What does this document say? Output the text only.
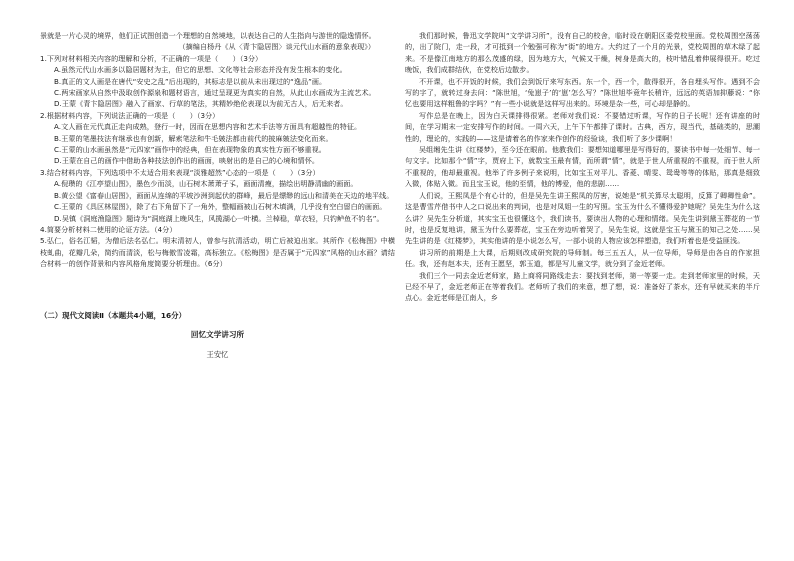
景就是一片心灵的境界，他们正试图创造一个理想的自然境地，以表达自己的人生指向与游世的隐逸情怀。

（摘编自杨丹《从〈青卞隐居图〉谈元代山水画的意象表现》）

1.下列对材料相关内容的理解和分析，不正确的一项是（　　）（3分）

A.虽然元代山水画多以隐居题材为主，但它的思想、文化等社会形态并没有发生根本的变化。

B.真正的文人画是在唐代“安史之乱”后出现的，其标志是以前从未出现过的“逸品”画。

C.两宋画家从自然中汲取创作源泉和题材语言，通过呈现更为真实的自然，从此山水画成为主流艺术。

D.王蒙《青卞隐居图》融入了画家、行草的笔法，其精妙绝伦表现以为前无古人，后无来者。

2.根据材料内容，下列说法正确的一项是（　　）（3分）

A.文人画在元代真正走向成熟，登行一时，因而在思想内容和艺术手法等方面具有超越性的特征。

B.王蒙的笔墨技法有继承也有创新，解索笔法和牛毛皴法都由前代的披麻皴法变化而来。

C.王蒙的山水画虽然是“元四家”画作中的经典，但在表现物象的真实性方面不够重视。

D.王蒙在自己的画作中借助各种技法创作出的画面，映射出的是自己的心境和情怀。

3.结合材料内容，下列选项中不太适合用来表现“淡雅超然”心态的一项是（　　）（3分）

A.倪瓒的《江亭望山图》，墨色少而淡，山石树木萧萧孑孓，画面清瘦，描绘出明静清幽的画面。

B.黄公望《富春山居图》，画面从连绵的平坡沙洲到起伏的群峰，最后是缥缈的远山和清美在天边的地平线。

C.王蒙的《具区林屋图》，除了右下角留下了一角外，整幅画被山石树木填满，几乎没有空白留白的画面。

D.吴镇《洞庭渔隐图》题诗为“洞庭湖上晚风生，风揽湖心一叶横。兰棹稳，草衣轻，只钓鲈鱼不钓名”。

4.简要分析材料二使用的论证方法。（4分）

5.弘仁，俗名江韬，为僧后法名弘仁。明末清初人，曾参与抗清活动，明亡后被迫出家。其所作《松梅图》中横枝虬曲，花瓣几朵，简约而清淡，松与梅傲雪凌霜，高标独立。《松梅图》是否属于“元四家”风格的山水画？请结合材料一的创作背景和内容风格角度简要分析理由。（6分）

（二）现代文阅读Ⅱ（本题共4小题，16分）

回忆文学讲习所

王安忆

我们那时候，鲁迅文学院叫“文学讲习所”，没有自己的校舍，临时设在朝阳区委党校里面。党校周围空荡荡的，出了院门，走一段，才可抵到一个勉强可称为“街”的地方。大约过了一个月的光景，党校周围的草木绿了起来。不是像江南地方的那么茂盛的绿，因为地方大，气候又干燥，树身是高大的，枝叶错乱着伸展得很开。吃过晚饭，我们成群结伙，在党校后边散步。

不开课，也不开饭的时候，我们会到饭厅来写东西。东一个，西一个，散得很开，各自埋头写作。遇到不会写的字了，就转过身去问：“陈世旭，‘兔崽子’的‘崽’怎么写？”陈世旭毕竟年长稍许，远远的英语加抑藤说：“你忆也要用这样粗鲁的字吗？”有一些小说就是这样写出来的。环境是杂一些，可心却是静的。

写作总是在晚上，因为白天课排得很紧。老师对我们说：不要错过听课，写作的日子长呢！还有讲座的时间，在学习期末一定安排写作的时间。一周六天，上午下午都排了课时。古典，西方，现当代，基础类的，思潮性的，理论的，实践的——这是请着名的作家来作创作的经验谈，我们听了多少课啊！

吴组缃先生讲《红楼梦》，至今还在眼前。他教我们：要想知道哪里是写得好的，要读书中每一处细节、每一句文字。比如那个“情”字，贾府上下，就数宝玉最有情，而所谓“情”，就是于世人所重视的不重视，而于世人所不重视的，他却最重视。他举了许多例子来说明，比如宝玉对平儿、香菱、晴雯、鸳鸯等等的体贴，那真是细致入微，体贴入微。而且宝玉说，他的至情，他的博爱，他的悲剧……

人们说，王熙凤是个有心计的，但是吴先生讲王熙凤的厉害，说她是“机关算尽太聪明，反算了卿卿性命”。这是曹雪芹借书中人之口说出来的判词，也是对凤姐一生的写照。宝玉为什么不懂得爱护她呢？吴先生为什么这么讲？吴先生分析道，其实宝玉也很懂这个，我们读书，要读出人物的心理和情绪。吴先生讲到黛玉葬花的一节时，也是反复地讲，黛玉为什么要葬花，宝玉在旁边听着哭了，吴先生说，这就是宝玉与黛玉的知己之处……吴先生讲的是《红楼梦》，其实他讲的是小说怎么写，一部小说的人物应该怎样塑造，我们听着也是受益匪浅。

讲习所的前期是上大课，后期则改成研究院的导师制。每三五五人，从一位导师，导师是由各自的作家担任。我，还有赵本夫，还有王愿坚，郭玉道，都是写儿童文学，就分到了金近老师。

我们三个一同去金近老师家，路上商将同路线走去：要找到老师，第一等要一走。走到老师家里的时候，天已经不早了，金近老师正在等着我们。老师听了我们的来意，想了想，说：准备好了茶水，还有早就买来的半斤点心。金近老师是江南人，乡
